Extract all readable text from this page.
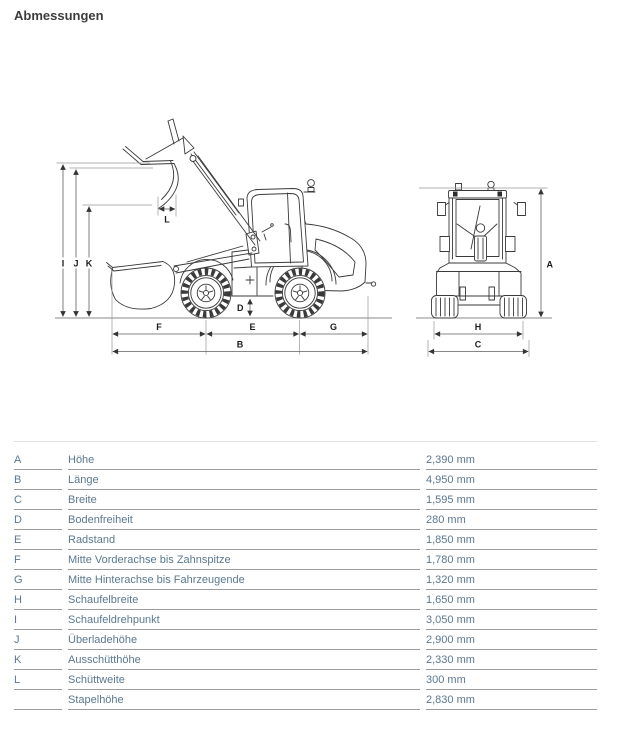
Abmessungen
I J K
L
D
F	E	G
B
A
H
C
A	Höhe	2,390 mm
B	Länge	4,950 mm
C	Breite	1,595 mm
D	Bodenfreiheit	280 mm
E	Radstand	1,850 mm
F	Mitte Vorderachse bis Zahnspitze	1,780 mm
G	Mitte Hinterachse bis Fahrzeugende	1,320 mm
H	Schaufelbreite	1,650 mm
I	Schaufeldrehpunkt	3,050 mm
J	Überladehöhe	2,900 mm
K	Ausschütthöhe	2,330 mm
L	Schüttweite	300 mm
	Stapelhöhe	2,830 mm
